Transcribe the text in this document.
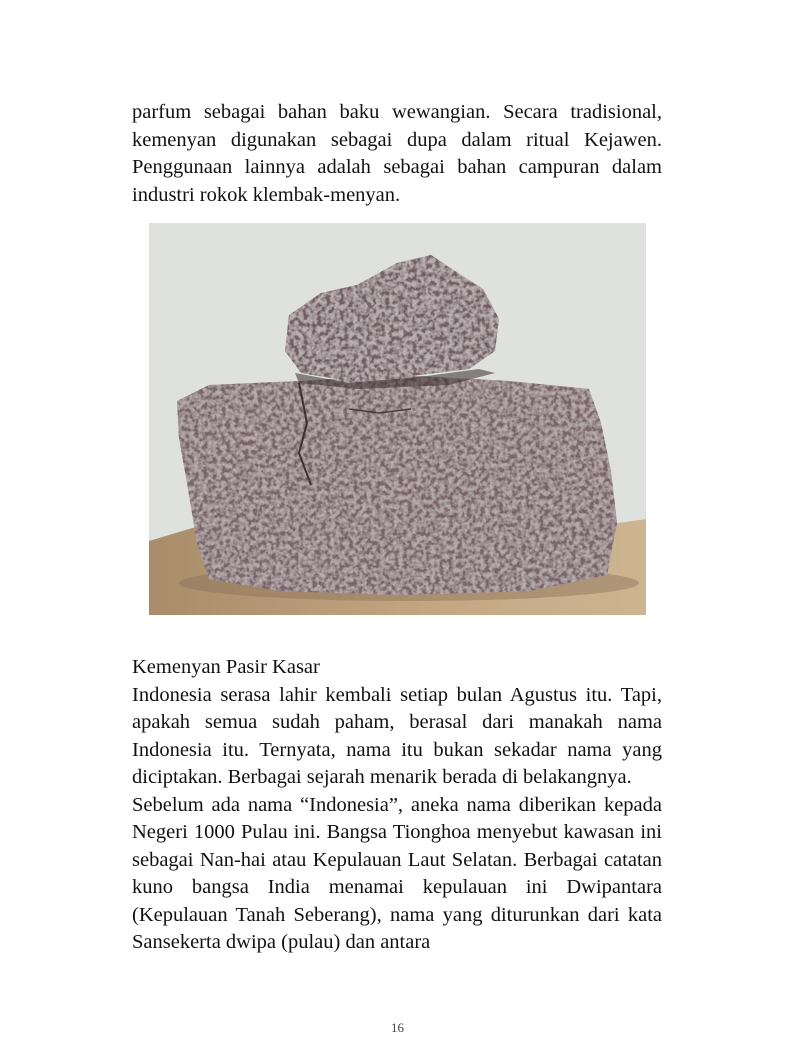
parfum sebagai bahan baku wewangian. Secara tradisional, kemenyan digunakan sebagai dupa dalam ritual Kejawen. Penggunaan lainnya adalah sebagai bahan campuran dalam industri rokok klembak-menyan.

Kemenyan Pasir Kasar

Indonesia serasa lahir kembali setiap bulan Agustus itu. Tapi, apakah semua sudah paham, berasal dari manakah nama Indonesia itu. Ternyata, nama itu bukan sekadar nama yang diciptakan. Berbagai sejarah menarik berada di belakangnya.

Sebelum ada nama “Indonesia”, aneka nama diberikan kepada Negeri 1000 Pulau ini. Bangsa Tionghoa menyebut kawasan ini sebagai Nan-hai atau Kepulauan Laut Selatan. Berbagai catatan kuno bangsa India menamai kepulauan ini Dwipantara (Kepulauan Tanah Seberang), nama yang diturunkan dari kata Sansekerta dwipa (pulau) dan antara

16
